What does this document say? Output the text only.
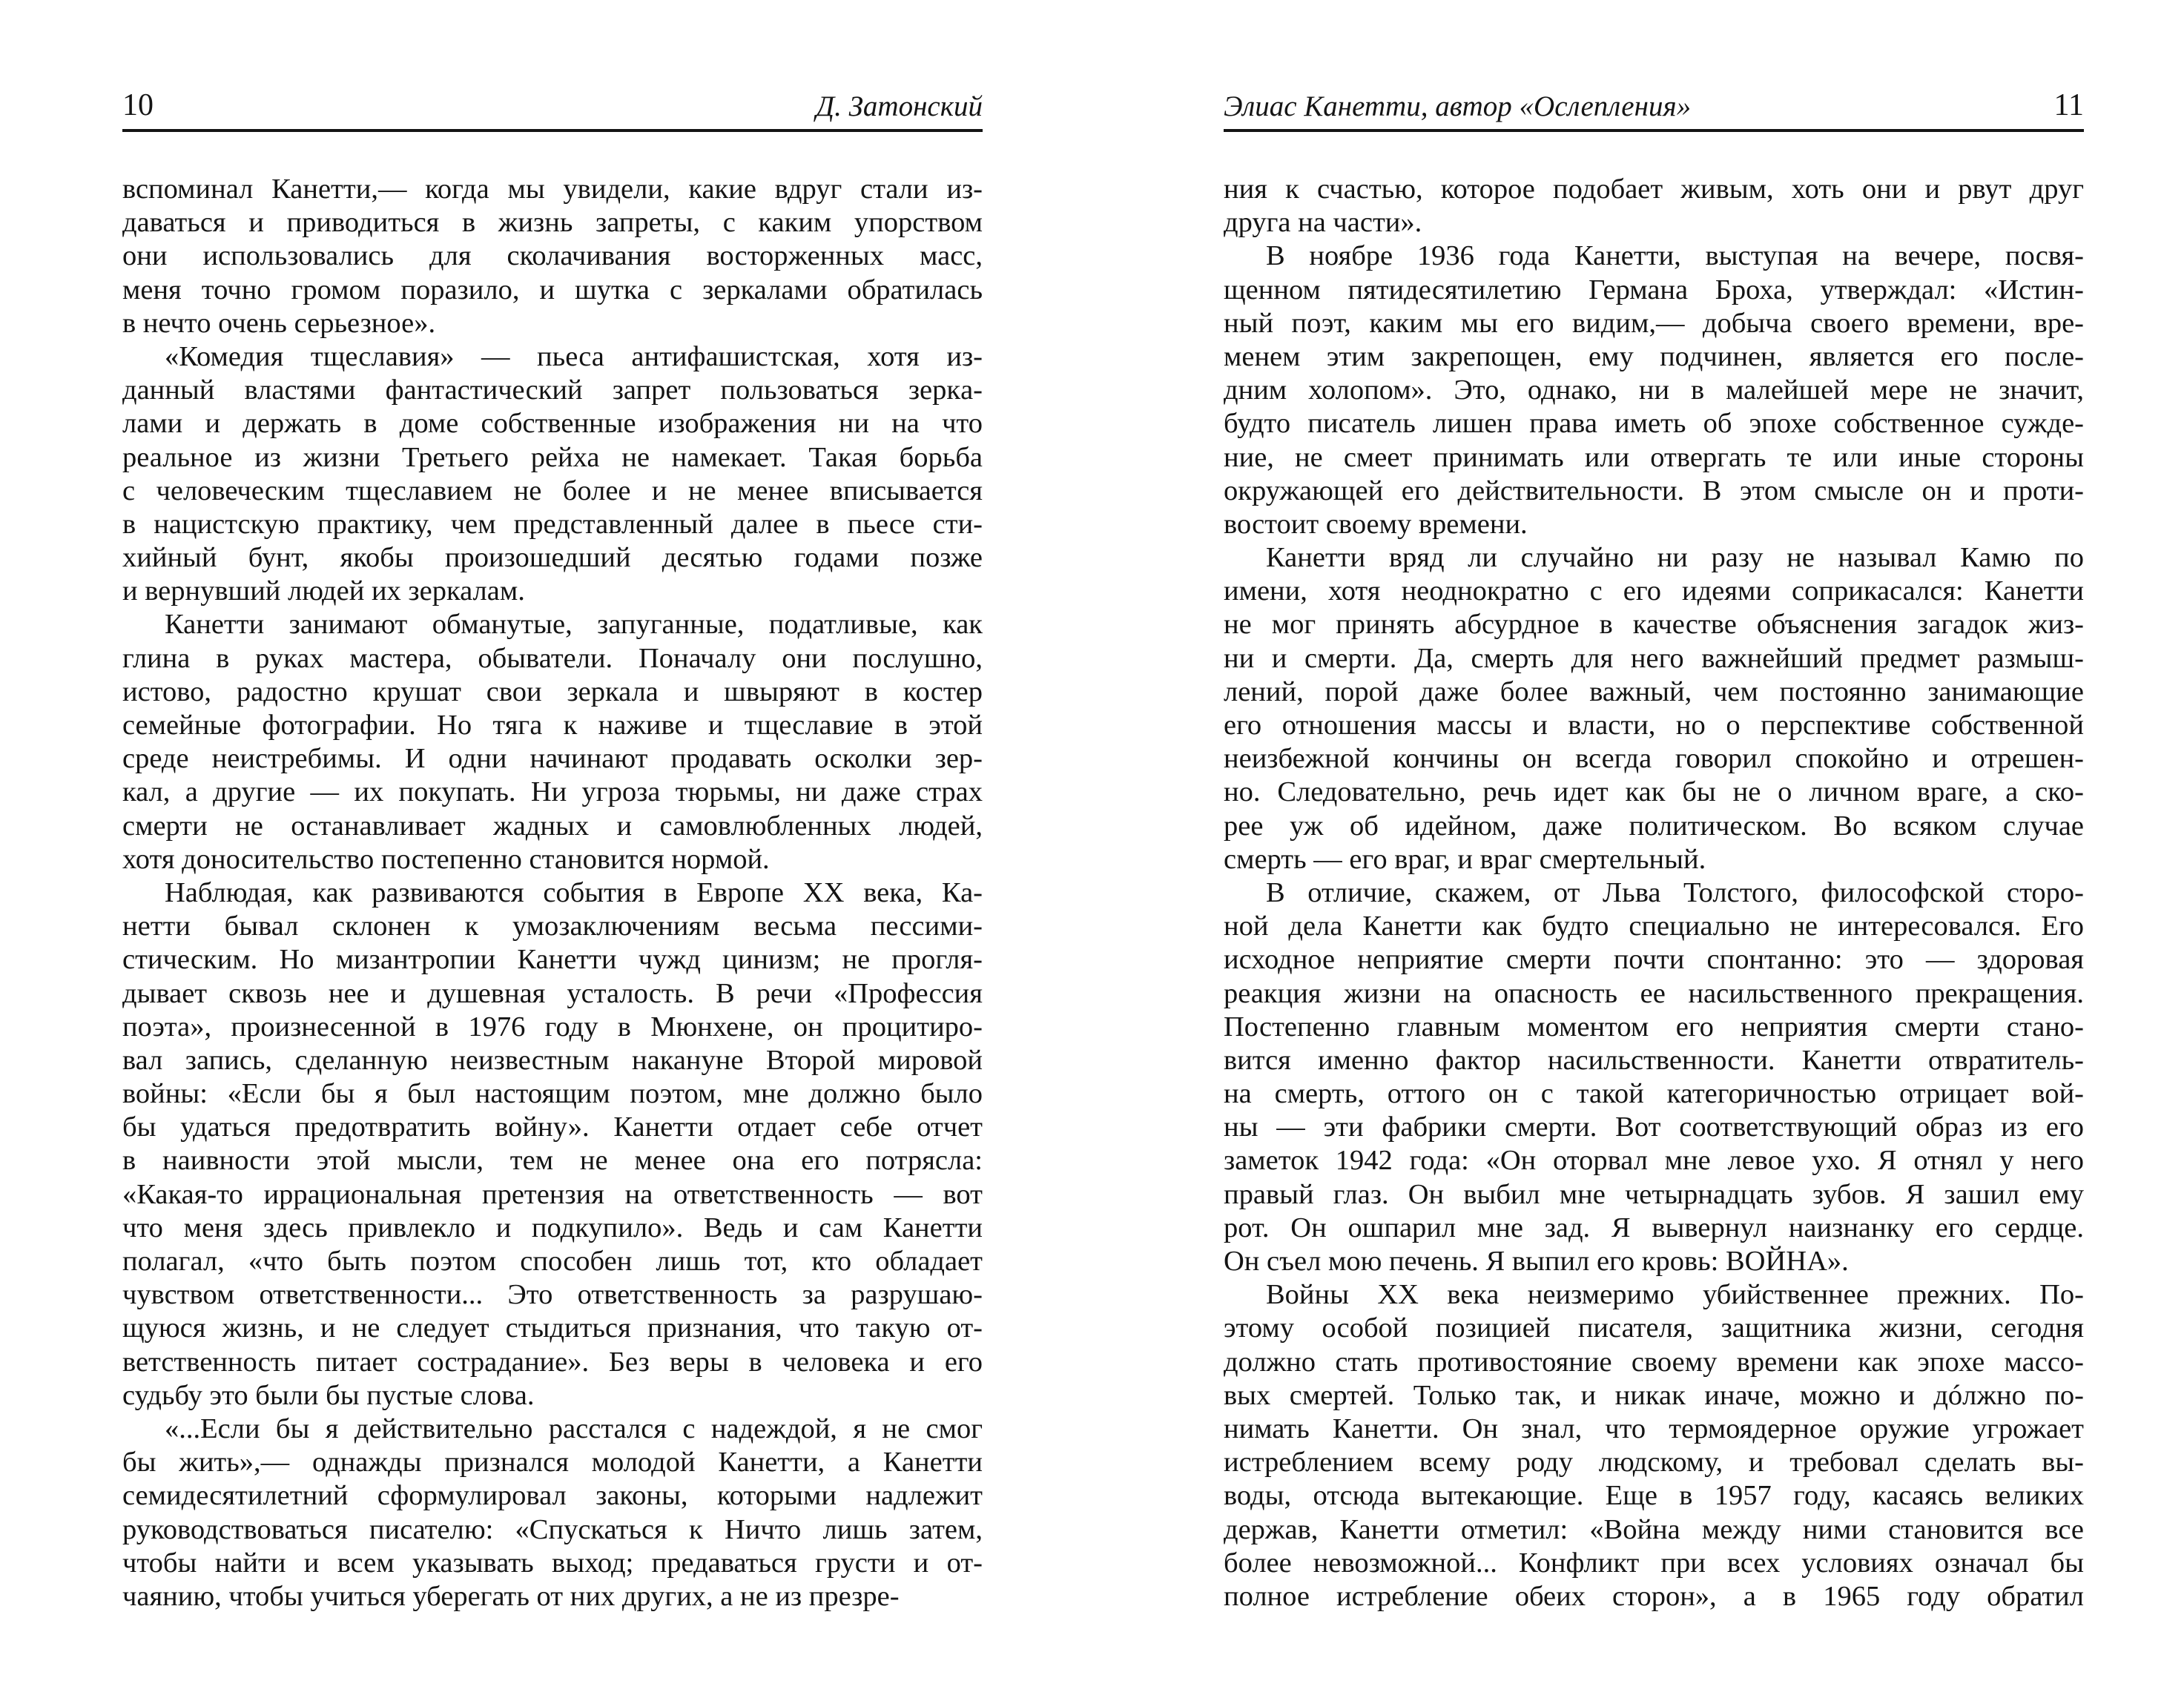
10	Д. Затонский
вспоминал Канетти,— когда мы увидели, какие вдруг стали из-
даваться и приводиться в жизнь запреты, с каким упорством
они использовались для сколачивания восторженных масс,
меня точно громом поразило, и шутка с зеркалами обратилась
в нечто очень серьезное».
«Комедия тщеславия» — пьеса антифашистская, хотя из-
данный властями фантастический запрет пользоваться зеркa-
лами и держать в доме собственные изображения ни на что
реальное из жизни Третьего рейха не намекает. Такая борьба
с человеческим тщеславием не более и не менее вписывается
в нацистскую практику, чем представленный далее в пьесе сти-
хийный бунт, якобы произошедший десятью годами позже
и вернувший людей их зеркалам.
Канетти занимают обманутые, запуганные, податливые, как
глина в руках мастера, обыватели. Поначалу они послушно,
истово, радостно крушат свои зеркала и швыряют в костер
семейные фотографии. Но тяга к наживе и тщеславие в этой
среде неистребимы. И одни начинают продавать осколки зер-
кал, а другие — их покупать. Ни угроза тюрьмы, ни даже страх
смерти не останавливает жадных и самовлюбленных людей,
хотя доносительство постепенно становится нормой.
Наблюдая, как развиваются события в Европе XX века, Ка-
нетти бывал склонен к умозаключениям весьма пессими-
стическим. Но мизантропии Канетти чужд цинизм; не прогля-
дывает сквозь нее и душевная усталость. В речи «Профессия
поэта», произнесенной в 1976 году в Мюнхене, он процитиро-
вал запись, сделанную неизвестным накануне Второй мировой
войны: «Если бы я был настоящим поэтом, мне должно было
бы удаться предотвратить войну». Канетти отдает себе отчет
в наивности этой мысли, тем не менее она его потрясла:
«Какая-то иррациональная претензия на ответственность — вот
что меня здесь привлекло и подкупило». Ведь и сам Канетти
полагал, «что быть поэтом способен лишь тот, кто обладает
чувством ответственности... Это ответственность за разрушаю-
щуюся жизнь, и не следует стыдиться признания, что такую от-
ветственность питает сострадание». Без веры в человека и его
судьбу это были бы пустые слова.
«...Если бы я действительно расстался с надеждой, я не смог
бы жить»,— однажды признался молодой Канетти, а Канетти
семидесятилетний сформулировал законы, которыми надлежит
руководствоваться писателю: «Спускаться к Ничто лишь затем,
чтобы найти и всем указывать выход; предаваться грусти и от-
чаянию, чтобы учиться уберегать от них других, а не из презре-
11
Элиас Канетти, автор «Ослепления»
ния к счастью, которое подобает живым, хоть они и рвут друг
друга на части».
В ноябре 1936 года Канетти, выступая на вечере, посвя-
щенном пятидесятилетию Германа Броха, утверждал: «Истин-
ный поэт, каким мы его видим,— добыча своего времени, вре-
менем этим закрепощен, ему подчинен, является его после-
дним холопом». Это, однако, ни в малейшей мере не значит,
будто писатель лишен права иметь об эпохе собственное сужде-
ние, не смеет принимать или отвергать те или иные стороны
окружающей его действительности. В этом смысле он и проти-
востоит своему времени.
Канетти вряд ли случайно ни разу не называл Камю по
имени, хотя неоднократно с его идеями соприкасался: Канетти
не мог принять абсурдное в качестве объяснения загадок жиз-
ни и смерти. Да, смерть для него важнейший предмет размыш-
лений, порой даже более важный, чем постоянно занимающие
его отношения массы и власти, но о перспективе собственной
неизбежной кончины он всегда говорил спокойно и отрешен-
но. Следовательно, речь идет как бы не о личном враге, а ско-
рее уж об идейном, даже политическом. Во всяком случае
смерть — его враг, и враг смертельный.
В отличие, скажем, от Льва Толстого, философской сторо-
ной дела Канетти как будто специально не интересовался. Его
исходное неприятие смерти почти спонтанно: это — здоровая
реакция жизни на опасность ее насильственного прекращения.
Постепенно главным моментом его неприятия смерти стано-
вится именно фактор насильственности. Канетти отвратитель-
на смерть, оттого он с такой категоричностью отрицает вой-
ны — эти фабрики смерти. Вот соответствующий образ из его
заметок 1942 года: «Он оторвал мне левое ухо. Я отнял у него
правый глаз. Он выбил мне четырнадцать зубов. Я зашил ему
рот. Он ошпарил мне зад. Я вывернул наизнанку его сердце.
Он съел мою печень. Я выпил его кровь: ВОЙНА».
Войны XX века неизмеримо убийственнее прежних. По-
этому особой позицией писателя, защитника жизни, сегодня
должно стать противостояние своему времени как эпохе массо-
вых смертей. Только так, и никак иначе, можно и дóлжно по-
нимать Канетти. Он знал, что термоядерное оружие угрожает
истреблением всему роду людскому, и требовал сделать вы-
воды, отсюда вытекающие. Еще в 1957 году, касаясь великих
держав, Канетти отметил: «Война между ними становится все
более невозможной... Конфликт при всех условиях означал бы
полное истребление обеих сторон», а в 1965 году обратил
